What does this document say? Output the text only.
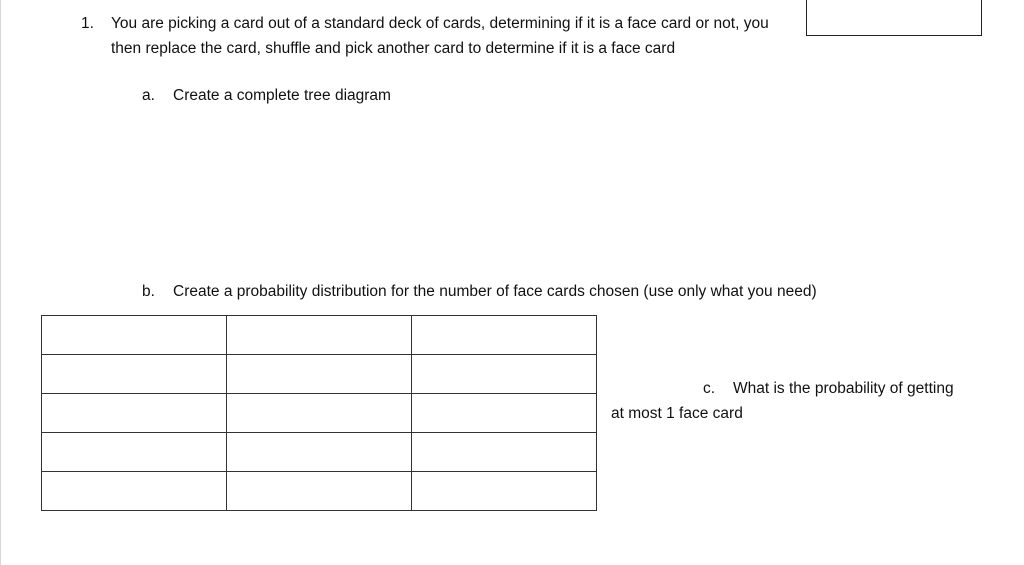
1. You are picking a card out of a standard deck of cards, determining if it is a face card or not, you then replace the card, shuffle and pick another card to determine if it is a face card
a. Create a complete tree diagram
b. Create a probability distribution for the number of face cards chosen (use only what you need)

c. What is the probability of getting
at most 1 face card
